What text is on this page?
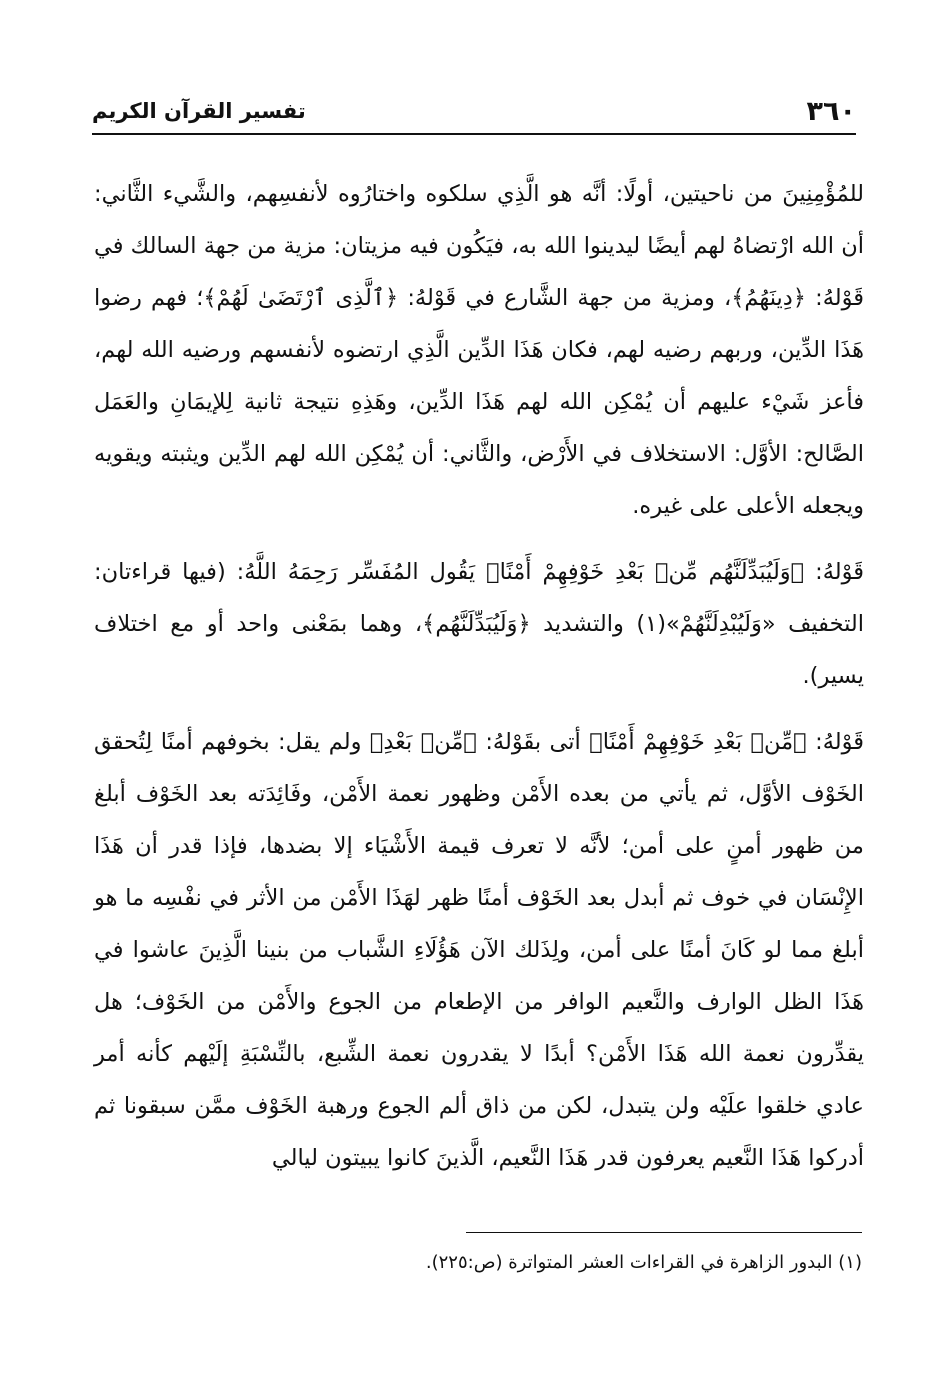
٣٦٠
تفسير القرآن الكريم

للمُؤْمِنِينَ من ناحيتين، أولًا: أنَّه هو الَّذِي سلكوه واختارُوه لأنفسِهم، والشَّيء الثَّاني: أن الله ارْتضاهُ لهم أيضًا ليدينوا الله به، فيَكُون فيه مزيتان: مزية من جهة السالك في قَوْلهُ: ﴿دِينَهُمُ﴾، ومزية من جهة الشَّارع في قَوْلهُ: ﴿ٱلَّذِى ٱرْتَضَىٰ لَهُمْ﴾؛ فهم رضوا هَذَا الدِّين، وربهم رضيه لهم، فكان هَذَا الدِّين الَّذِي ارتضوه لأنفسهم ورضيه الله لهم، فأعز شَيْء عليهم أن يُمْكِن الله لهم هَذَا الدِّين، وهَذِهِ نتيجة ثانية لِلإيمَانِ والعَمَل الصَّالح: الأوَّل: الاستخلاف في الأَرْض، والثَّاني: أن يُمْكِن الله لهم الدِّين ويثبته ويقويه ويجعله الأعلى على غيره.

قَوْلهُ: ﴿وَلَيُبَدِّلَنَّهُم مِّنۢ بَعْدِ خَوْفِهِمْ أَمْنًا﴾ يَقُول المُفَسِّر رَحِمَهُ اللَّهُ: (فيها قراءتان: التخفيف «وَلَيُبْدِلَنَّهُمْ»(١) والتشديد ﴿وَلَيُبَدِّلَنَّهُم﴾، وهما بمَعْنى واحد أو مع اختلاف يسير).

قَوْلهُ: ﴿مِّنۢ بَعْدِ خَوْفِهِمْ أَمْنًا﴾ أتى بقَوْلهُ: ﴿مِّنۢ بَعْدِ﴾ ولم يقل: بخوفهم أمنًا لِتُحقق الخَوْف الأوَّل، ثم يأتي من بعده الأَمْن وظهور نعمة الأَمْن، وفَائِدَته بعد الخَوْف أبلغ من ظهور أمنٍ على أمن؛ لأنَّه لا تعرف قيمة الأَشْيَاء إلا بضدها، فإذا قدر أن هَذَا الإِنْسَان في خوف ثم أبدل بعد الخَوْف أمنًا ظهر لهَذَا الأَمْن من الأثر في نفْسِه ما هو أبلغ مما لو كَانَ أمنًا على أمن، ولِذَلك الآن هَؤُلَاءِ الشَّباب من بنينا الَّذِينَ عاشوا في هَذَا الظل الوارف والنَّعيم الوافر من الإطعام من الجوع والأَمْن من الخَوْف؛ هل يقدِّرون نعمة الله هَذَا الأَمْن؟ أبدًا لا يقدرون نعمة الشِّبع، بالنِّسْبَةِ إلَيْهم كأنه أمر عادي خلقوا علَيْه ولن يتبدل، لكن من ذاق ألم الجوع ورهبة الخَوْف ممَّن سبقونا ثم أدركوا هَذَا النَّعيم يعرفون قدر هَذَا النَّعيم، الَّذينَ كانوا يبيتون ليالي

(١) البدور الزاهرة في القراءات العشر المتواترة (ص:٢٢٥).
